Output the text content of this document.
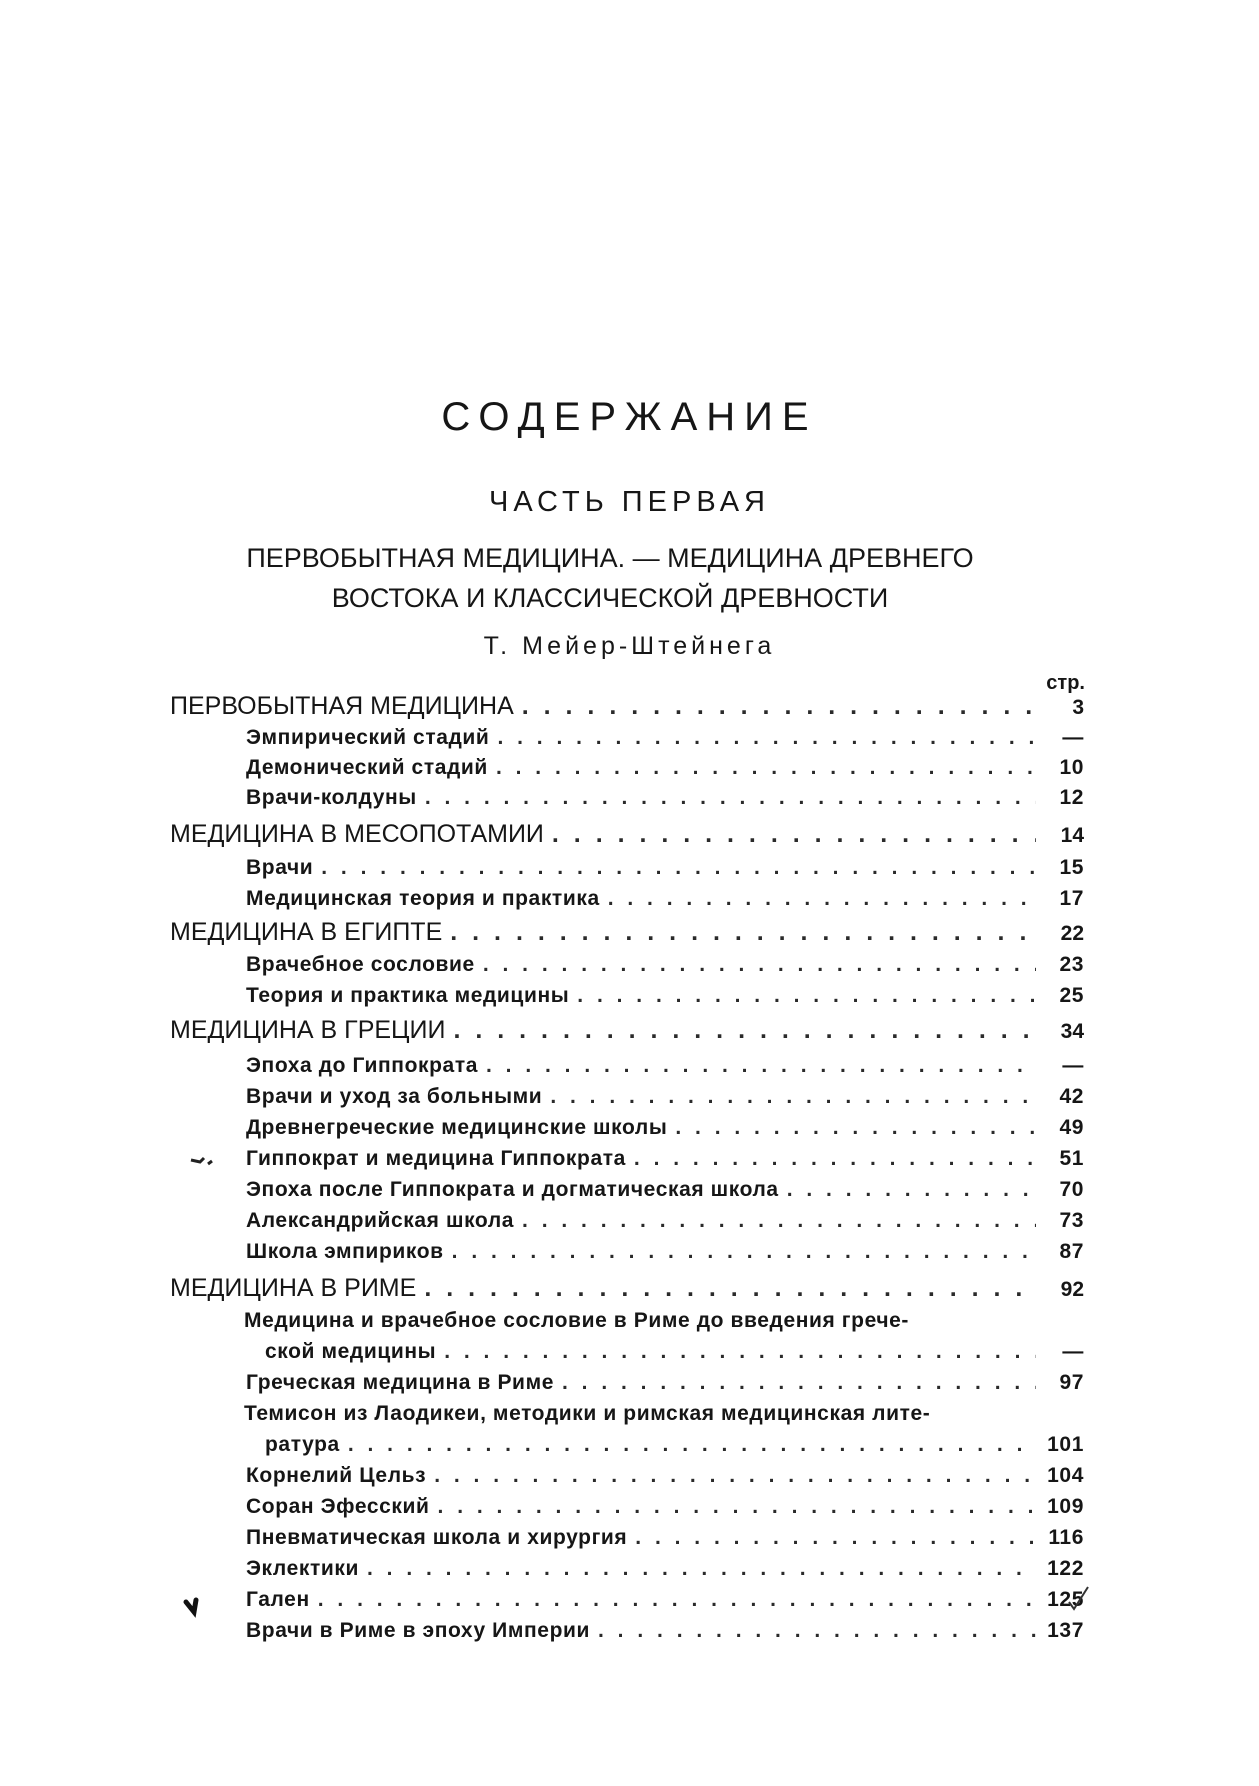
СОДЕРЖАНИЕ
ЧАСТЬ ПЕРВАЯ
ПЕРВОБЫТНАЯ МЕДИЦИНА. — МЕДИЦИНА ДРЕВНЕГО
ВОСТОКА И КЛАССИЧЕСКОЙ ДРЕВНОСТИ
Т. Мейер-Штейнега
стр.
ПЕРВОБЫТНАЯ МЕДИЦИНА . . .	3
Эмпирический стадий . . .	—
Демонический стадий . . .	10
Врачи-колдуны . . .	12
МЕДИЦИНА В МЕСОПОТАМИИ . . .	14
Врачи . . .	15
Медицинская теория и практика . . .	17
МЕДИЦИНА В ЕГИПТЕ . . .	22
Врачебное сословие . . .	23
Теория и практика медицины . . .	25
МЕДИЦИНА В ГРЕЦИИ . . .	34
Эпоха до Гиппократа . . .	—
Врачи и уход за больными . . .	42
Древнегреческие медицинские школы . . .	49
Гиппократ и медицина Гиппократа . . .	51
Эпоха после Гиппократа и догматическая школа . . .	70
Александрийская школа . . .	73
Школа эмпириков . . .	87
МЕДИЦИНА В РИМЕ . . .	92
Медицина и врачебное сословие в Риме до введения грече-
ской медицины . . .	—
Греческая медицина в Риме . . .	97
Темисон из Лаодикеи, методики и римская медицинская лите-
ратура . . .	101
Корнелий Цельз . . .	104
Соран Эфесский . . .	109
Пневматическая школа и хирургия . . .	116
Эклектики . . .	122
Гален . . .	125
Врачи в Риме в эпоху Империи . . .	137
